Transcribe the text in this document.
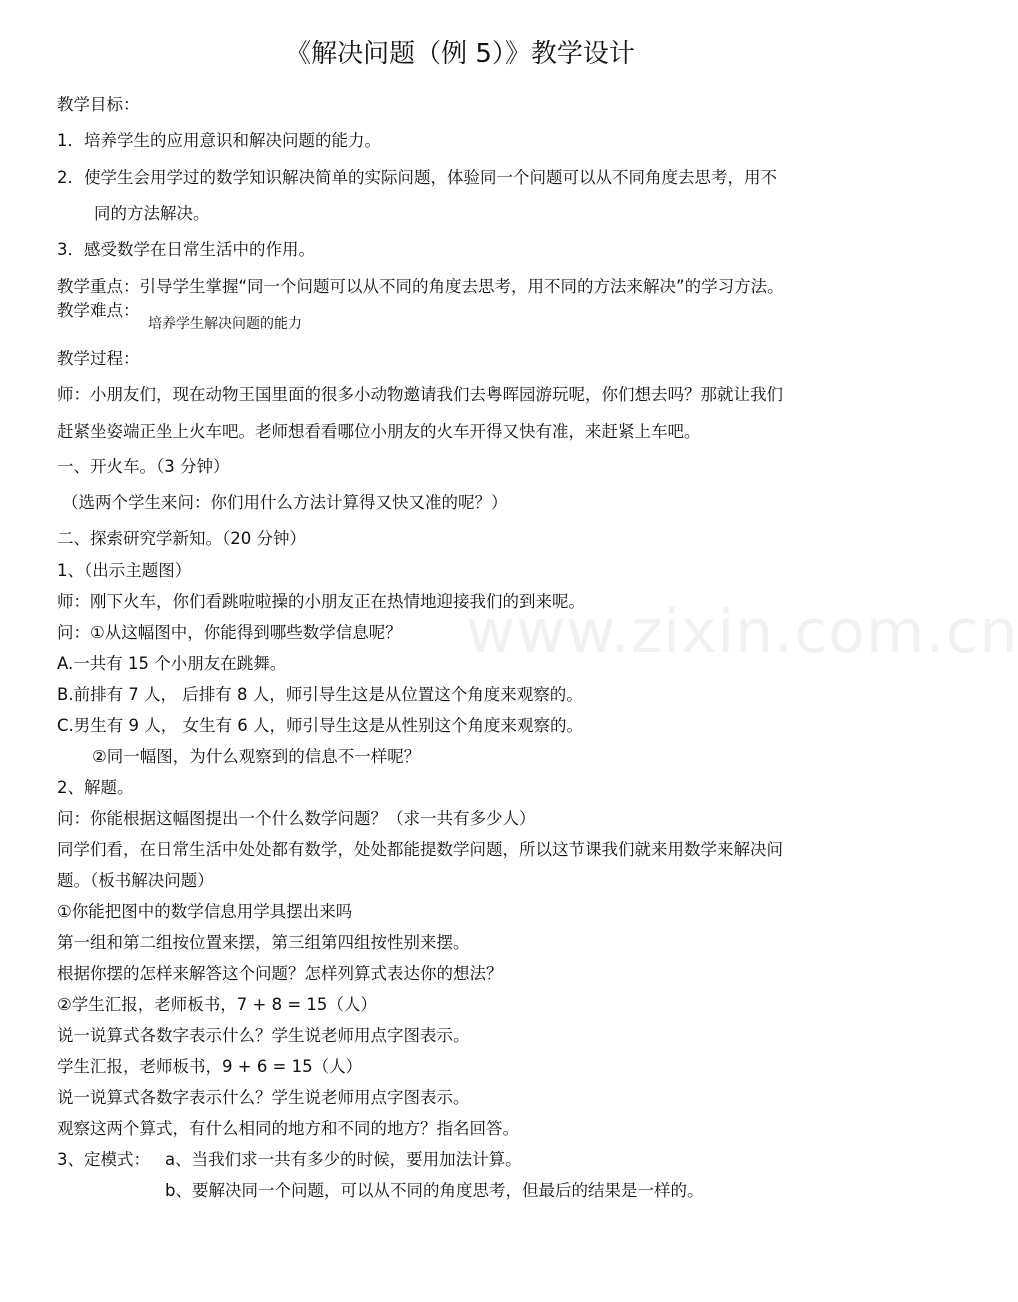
www.zixin.com.cn
《解决问题（例 5）》教学设计
教学目标：
1．培养学生的应用意识和解决问题的能力。
2．使学生会用学过的数学知识解决简单的实际问题，体验同一个问题可以从不同角度去思考，用不
同的方法解决。
3．感受数学在日常生活中的作用。
教学重点：引导学生掌握“同一个问题可以从不同的角度去思考，用不同的方法来解决”的学习方法。
教学难点：
培养学生解决问题的能力
教学过程：
师：小朋友们，现在动物王国里面的很多小动物邀请我们去粤晖园游玩呢，你们想去吗？那就让我们
赶紧坐姿端正坐上火车吧。老师想看看哪位小朋友的火车开得又快有准，来赶紧上车吧。
一、开火车。（3 分钟）
（选两个学生来问：你们用什么方法计算得又快又准的呢？）
二、探索研究学新知。（20 分钟）
1、（出示主题图）
师：刚下火车，你们看跳啦啦操的小朋友正在热情地迎接我们的到来呢。
问：①从这幅图中，你能得到哪些数学信息呢？
A.一共有 15 个小朋友在跳舞。
B.前排有 7 人， 后排有 8 人，师引导生这是从位置这个角度来观察的。
C.男生有 9 人， 女生有 6 人，师引导生这是从性别这个角度来观察的。
②同一幅图，为什么观察到的信息不一样呢？
2、解题。
问：你能根据这幅图提出一个什么数学问题？（求一共有多少人）
同学们看，在日常生活中处处都有数学，处处都能提数学问题，所以这节课我们就来用数学来解决问
题。（板书解决问题）
①你能把图中的数学信息用学具摆出来吗
第一组和第二组按位置来摆，第三组第四组按性别来摆。
根据你摆的怎样来解答这个问题？怎样列算式表达你的想法？
②学生汇报，老师板书，7 + 8 = 15（人）
说一说算式各数字表示什么？学生说老师用点字图表示。
学生汇报，老师板书，9 + 6 = 15（人）
说一说算式各数字表示什么？学生说老师用点字图表示。
观察这两个算式，有什么相同的地方和不同的地方？指名回答。
3、定模式： a、当我们求一共有多少的时候，要用加法计算。
b、要解决同一个问题，可以从不同的角度思考，但最后的结果是一样的。
